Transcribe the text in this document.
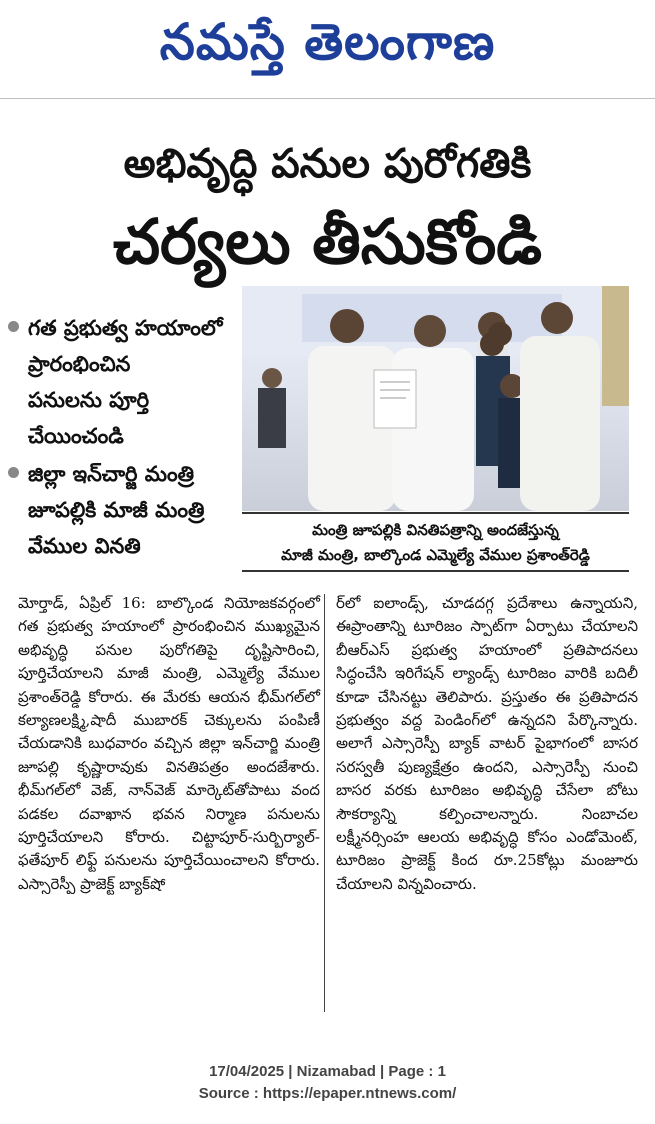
నమస్తే తెలంగాణ
అభివృద్ధి పనుల పురోగతికి
చర్యలు తీసుకోండి
గత ప్రభుత్వ హయాంలో
ప్రారంభించిన
పనులను పూర్తి
చేయించండి
జిల్లా ఇన్‌చార్జి మంత్రి
జూపల్లికి మాజీ మంత్రి
వేముల వినతి
మంత్రి జూపల్లికి వినతిపత్రాన్ని అందజేస్తున్న
మాజీ మంత్రి, బాల్కొండ ఎమ్మెల్యే వేముల ప్రశాంత్‌రెడ్డి
మోర్తాడ్, ఏప్రిల్ 16: బాల్కొండ నియోజకవర్గంలో గత ప్రభుత్వ హయాంలో ప్రారంభించిన ముఖ్యమైన అభివృద్ధి పనుల పురోగతిపై దృష్టిసారించి, పూర్తిచేయాలని మాజీ మంత్రి, ఎమ్మెల్యే వేముల ప్రశాంత్‌రెడ్డి కోరారు. ఈ మేరకు ఆయన భీమ్‌గల్‌లో కల్యాణలక్ష్మి,షాదీ ముబారక్ చెక్కులను పంపిణీ చేయడానికి బుధవారం వచ్చిన జిల్లా ఇన్‌చార్జి మంత్రి జూపల్లి కృష్ణారావుకు వినతిపత్రం అందజేశారు. భీమ్‌గల్‌లో వెజ్, నాన్‌వెజ్ మార్కెట్‌తోపాటు వంద పడకల దవాఖాన భవన నిర్మాణ పనులను పూర్తిచేయాలని కోరారు. చిట్టాపూర్-సుర్బిర్యాల్-ఫతేపూర్ లిఫ్ట్ పనులను పూర్తిచేయించాలని కోరారు. ఎస్సారెస్పీ ప్రాజెక్ట్ బ్యాక్‌షో
ర్‌లో ఐలాండ్స్, చూడదగ్గ ప్రదేశాలు ఉన్నాయని, ఈప్రాంతాన్ని టూరిజం స్పాట్‌గా ఏర్పాటు చేయాలని బీఆర్‌ఎస్ ప్రభుత్వ హయాంలో ప్రతిపాదనలు సిద్ధంచేసి ఇరిగేషన్ ల్యాండ్స్ టూరిజం వారికి బదిలీ కూడా చేసినట్టు తెలిపారు. ప్రస్తుతం ఈ ప్రతిపాదన ప్రభుత్వం వద్ద పెండింగ్‌లో ఉన్నదని పేర్కొన్నారు. అలాగే ఎస్సారెస్పీ బ్యాక్ వాటర్ పైభాగంలో బాసర సరస్వతీ పుణ్యక్షేత్రం ఉందని, ఎస్సారెస్పీ నుంచి బాసర వరకు టూరిజం అభివృద్ధి చేసేలా బోటు సౌకర్యాన్ని కల్పించాలన్నారు. నింబాచల లక్ష్మీనర్సింహ ఆలయ అభివృద్ధి కోసం ఎండోమెంట్, టూరిజం ప్రాజెక్ట్ కింద రూ.25కోట్లు మంజూరు చేయాలని విన్నవించారు.
17/04/2025 | Nizamabad | Page : 1
Source : https://epaper.ntnews.com/
